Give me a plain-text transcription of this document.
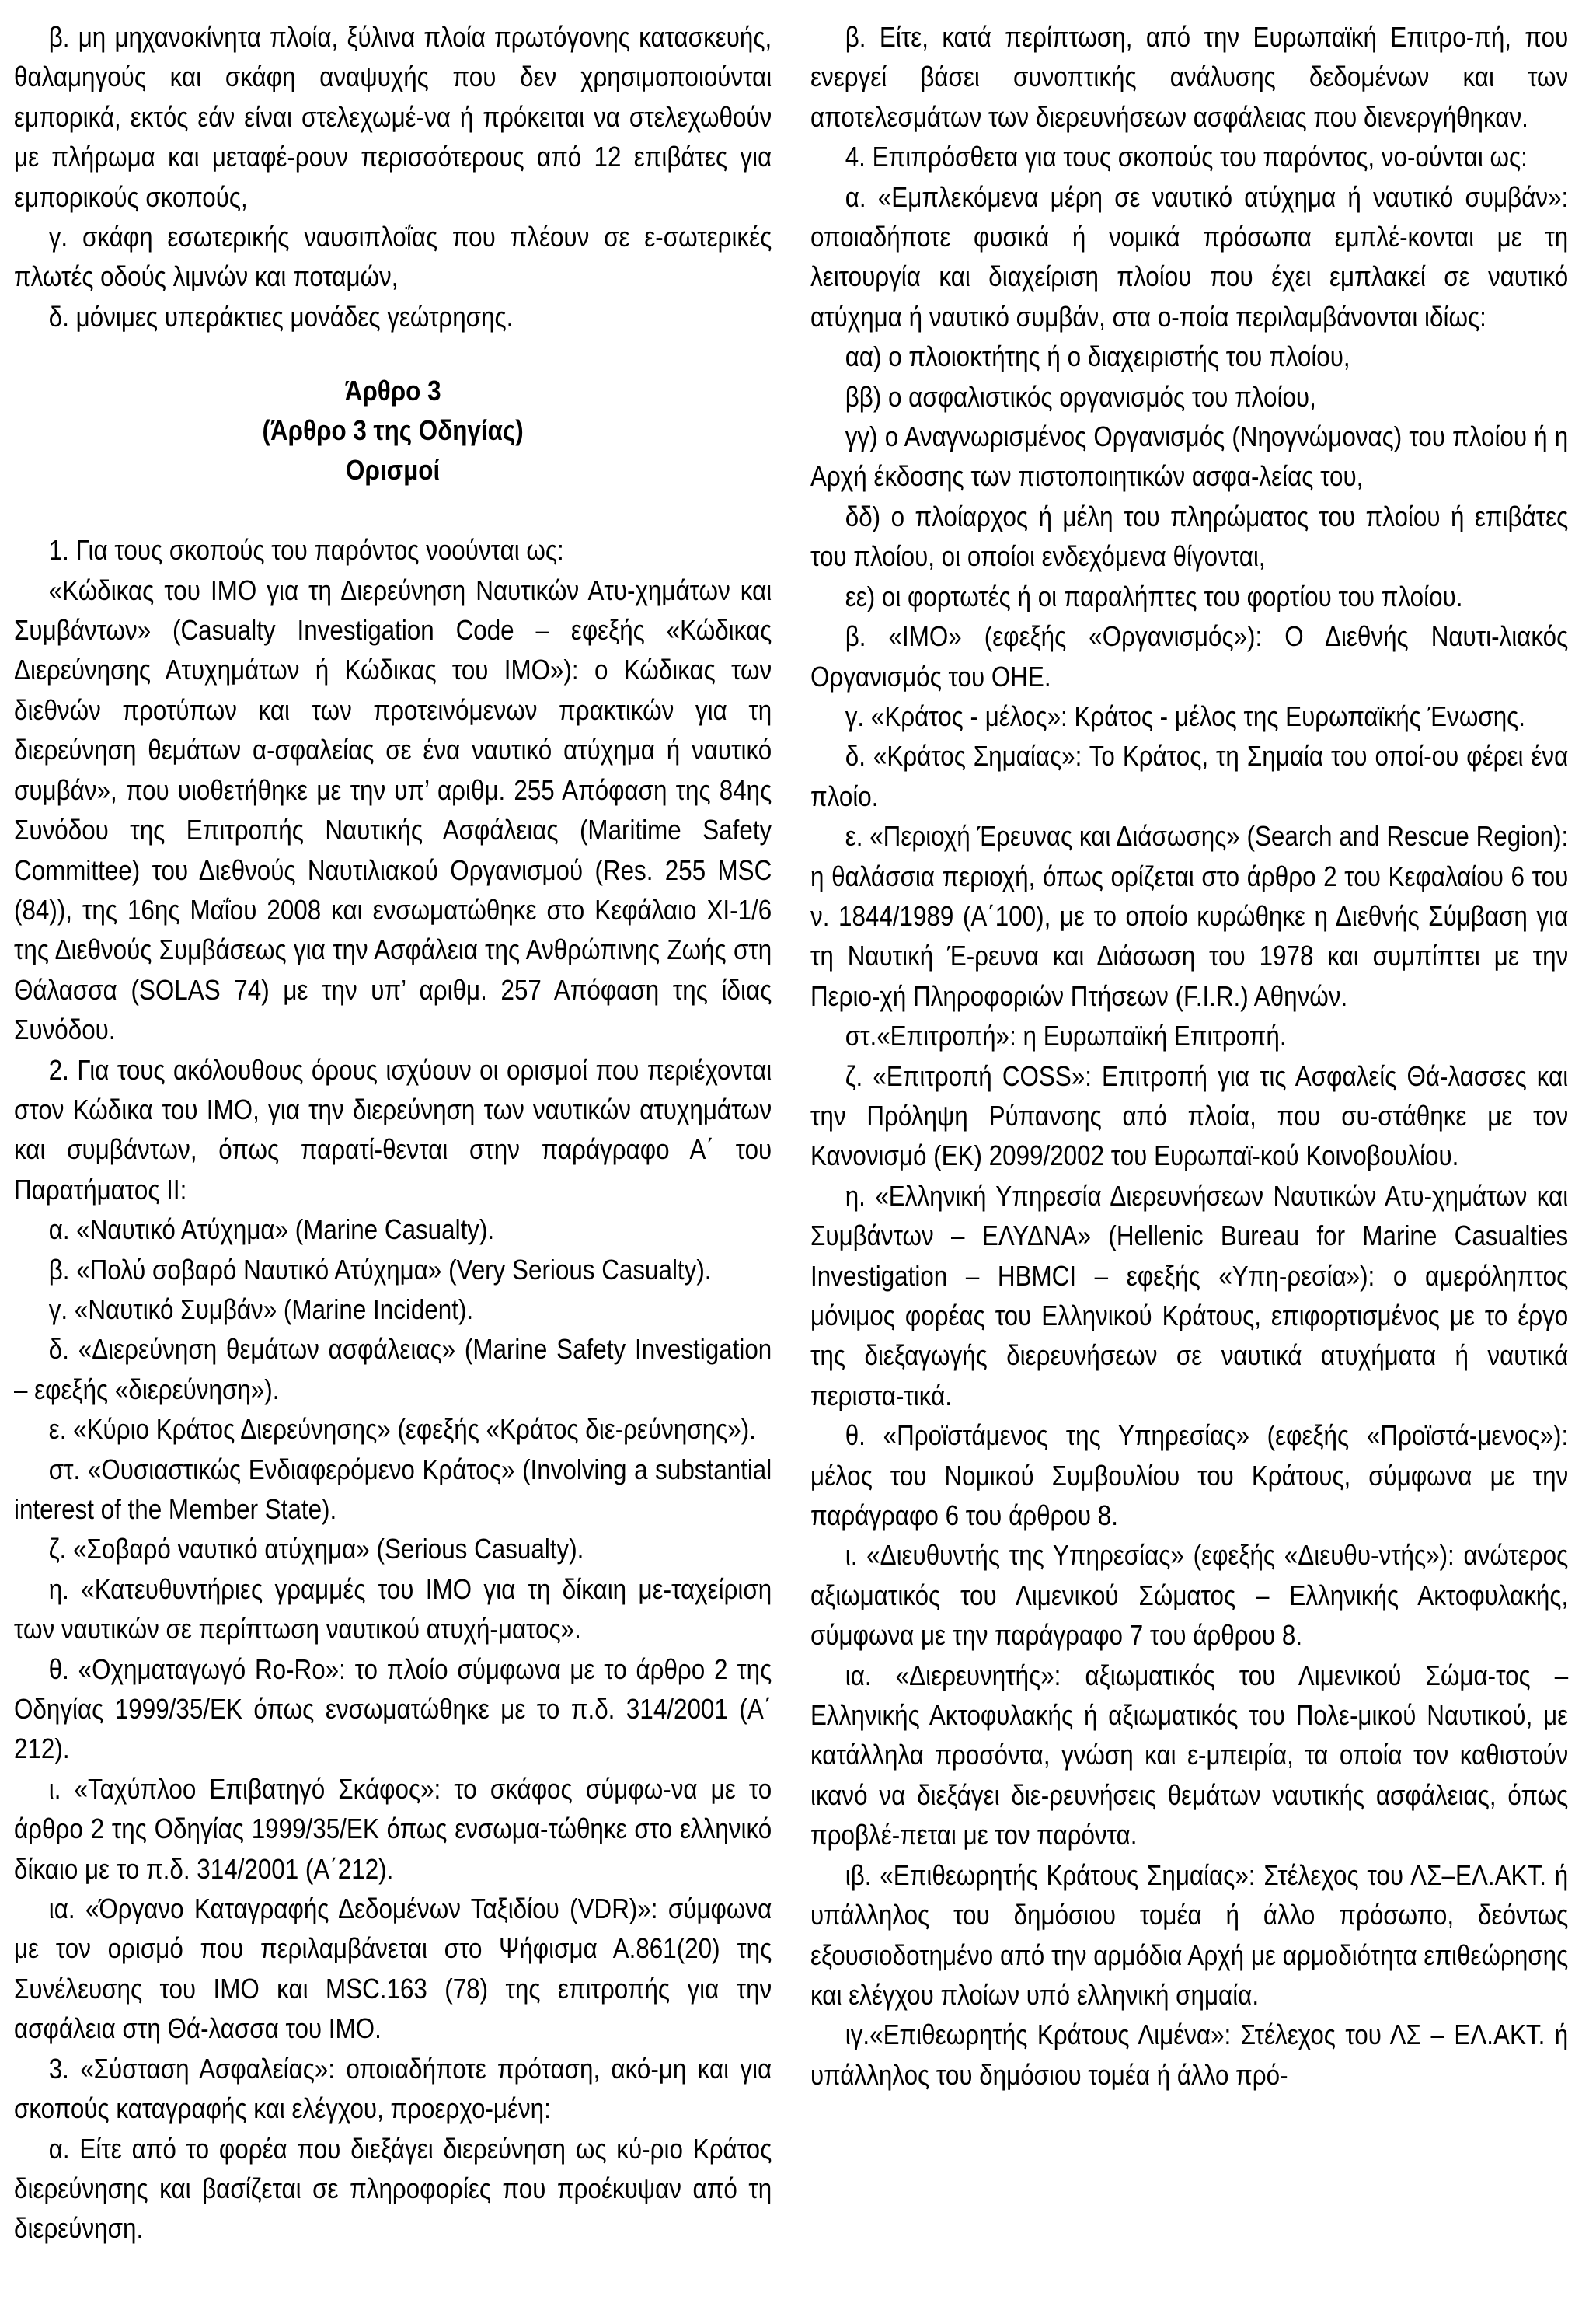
β. μη μηχανοκίνητα πλοία, ξύλινα πλοία πρωτόγονης κατασκευής, θαλαμηγούς και σκάφη αναψυχής που δεν χρησιμοποιούνται εμπορικά, εκτός εάν είναι στελεχωμέ-να ή πρόκειται να στελεχωθούν με πλήρωμα και μεταφέ-ρουν περισσότερους από 12 επιβάτες για εμπορικούς σκοπούς,

γ. σκάφη εσωτερικής ναυσιπλοΐας που πλέουν σε ε-σωτερικές πλωτές οδούς λιμνών και ποταμών,

δ. μόνιμες υπεράκτιες μονάδες γεώτρησης.

Άρθρο 3
(Άρθρο 3 της Οδηγίας)
Ορισμοί

1. Για τους σκοπούς του παρόντος νοούνται ως:

«Κώδικας του ΙΜΟ για τη Διερεύνηση Ναυτικών Ατυ-χημάτων και Συμβάντων» (Casualty Investigation Code – εφεξής «Κώδικας Διερεύνησης Ατυχημάτων ή Κώδικας του ΙΜΟ»): ο Κώδικας των διεθνών προτύπων και των προτεινόμενων πρακτικών για τη διερεύνηση θεμάτων α-σφαλείας σε ένα ναυτικό ατύχημα ή ναυτικό συμβάν», που υιοθετήθηκε με την υπ’ αριθμ. 255 Απόφαση της 84ης Συνόδου της Επιτροπής Ναυτικής Ασφάλειας (Maritime Safety Committee) του Διεθνούς Ναυτιλιακού Οργανισμού (Res. 255 MSC (84)), της 16ης Μαΐου 2008 και ενσωματώθηκε στο Κεφάλαιο ΧΙ-1/6 της Διεθνούς Συμβάσεως για την Ασφάλεια της Ανθρώπινης Ζωής στη Θάλασσα (SOLAS 74) με την υπ’ αριθμ. 257 Απόφαση της ίδιας Συνόδου.

2. Για τους ακόλουθους όρους ισχύουν οι ορισμοί που περιέχονται στον Κώδικα του ΙΜΟ, για την διερεύνηση των ναυτικών ατυχημάτων και συμβάντων, όπως παρατί-θενται στην παράγραφο Α΄ του Παρατήματος ΙΙ:

α. «Ναυτικό Ατύχημα» (Marine Casualty).

β. «Πολύ σοβαρό Ναυτικό Ατύχημα» (Very Serious Casualty).

γ. «Ναυτικό Συμβάν» (Marine Incident).

δ. «Διερεύνηση θεμάτων ασφάλειας» (Marine Safety Investigation – εφεξής «διερεύνηση»).

ε. «Κύριο Κράτος Διερεύνησης» (εφεξής «Κράτος διε-ρεύνησης»).

στ. «Ουσιαστικώς Ενδιαφερόμενο Κράτος» (Involving a substantial interest of the Member State).

ζ. «Σοβαρό ναυτικό ατύχημα» (Serious Casualty).

η. «Κατευθυντήριες γραμμές του ΙΜΟ για τη δίκαιη με-ταχείριση των ναυτικών σε περίπτωση ναυτικού ατυχή-ματος».

θ. «Οχηματαγωγό Ro-Ro»: το πλοίο σύμφωνα με το άρθρο 2 της Οδηγίας 1999/35/ΕΚ όπως ενσωματώθηκε με το π.δ. 314/2001 (Α΄ 212).

ι. «Ταχύπλοο Επιβατηγό Σκάφος»: το σκάφος σύμφω-να με το άρθρο 2 της Οδηγίας 1999/35/ΕΚ όπως ενσωμα-τώθηκε στο ελληνικό δίκαιο με το π.δ. 314/2001 (Α΄212).

ια. «Όργανο Καταγραφής Δεδομένων Ταξιδίου (VDR)»: σύμφωνα με τον ορισμό που περιλαμβάνεται στο Ψήφισμα Α.861(20) της Συνέλευσης του ΙΜΟ και MSC.163 (78) της επιτροπής για την ασφάλεια στη Θά-λασσα του ΙΜΟ.

3. «Σύσταση Ασφαλείας»: οποιαδήποτε πρόταση, ακό-μη και για σκοπούς καταγραφής και ελέγχου, προερχο-μένη:

α. Είτε από το φορέα που διεξάγει διερεύνηση ως κύ-ριο Κράτος διερεύνησης και βασίζεται σε πληροφορίες που προέκυψαν από τη διερεύνηση.

β. Είτε, κατά περίπτωση, από την Ευρωπαϊκή Επιτρο-πή, που ενεργεί βάσει συνοπτικής ανάλυσης δεδομένων και των αποτελεσμάτων των διερευνήσεων ασφάλειας που διενεργήθηκαν.

4. Επιπρόσθετα για τους σκοπούς του παρόντος, νο-ούνται ως:

α. «Εμπλεκόμενα μέρη σε ναυτικό ατύχημα ή ναυτικό συμβάν»: οποιαδήποτε φυσικά ή νομικά πρόσωπα εμπλέ-κονται με τη λειτουργία και διαχείριση πλοίου που έχει εμπλακεί σε ναυτικό ατύχημα ή ναυτικό συμβάν, στα ο-ποία περιλαμβάνονται ιδίως:

αα) ο πλοιοκτήτης ή ο διαχειριστής του πλοίου,

ββ) ο ασφαλιστικός οργανισμός του πλοίου,

γγ) ο Αναγνωρισμένος Οργανισμός (Νηογνώμονας) του πλοίου ή η Αρχή έκδοσης των πιστοποιητικών ασφα-λείας του,

δδ) ο πλοίαρχος ή μέλη του πληρώματος του πλοίου ή επιβάτες του πλοίου, οι οποίοι ενδεχόμενα θίγονται,

εε) οι φορτωτές ή οι παραλήπτες του φορτίου του πλοίου.

β. «ΙΜΟ» (εφεξής «Οργανισμός»): Ο Διεθνής Ναυτι-λιακός Οργανισμός του ΟΗΕ.

γ. «Κράτος - μέλος»: Κράτος - μέλος της Ευρωπαϊκής Ένωσης.

δ. «Κράτος Σημαίας»: Το Κράτος, τη Σημαία του οποί-ου φέρει ένα πλοίο.

ε. «Περιοχή Έρευνας και Διάσωσης» (Search and Rescue Region): η θαλάσσια περιοχή, όπως ορίζεται στο άρθρο 2 του Κεφαλαίου 6 του ν. 1844/1989 (Α΄100), με το οποίο κυρώθηκε η Διεθνής Σύμβαση για τη Ναυτική Έ-ρευνα και Διάσωση του 1978 και συμπίπτει με την Περιο-χή Πληροφοριών Πτήσεων (F.I.R.) Αθηνών.

στ.«Επιτροπή»: η Ευρωπαϊκή Επιτροπή.

ζ. «Επιτροπή COSS»: Επιτροπή για τις Ασφαλείς Θά-λασσες και την Πρόληψη Ρύπανσης από πλοία, που συ-στάθηκε με τον Κανονισμό (ΕΚ) 2099/2002 του Ευρωπαϊ-κού Κοινοβουλίου.

η. «Ελληνική Υπηρεσία Διερευνήσεων Ναυτικών Ατυ-χημάτων και Συμβάντων – ΕΛΥΔΝΑ» (Hellenic Bureau for Marine Casualties Investigation – HBMCI – εφεξής «Υπη-ρεσία»): ο αμερόληπτος μόνιμος φορέας του Ελληνικού Κράτους, επιφορτισμένος με το έργο της διεξαγωγής διερευνήσεων σε ναυτικά ατυχήματα ή ναυτικά περιστα-τικά.

θ. «Προϊστάμενος της Υπηρεσίας» (εφεξής «Προϊστά-μενος»): μέλος του Νομικού Συμβουλίου του Κράτους, σύμφωνα με την παράγραφο 6 του άρθρου 8.

ι. «Διευθυντής της Υπηρεσίας» (εφεξής «Διευθυ-ντής»): ανώτερος αξιωματικός του Λιμενικού Σώματος – Ελληνικής Ακτοφυλακής, σύμφωνα με την παράγραφο 7 του άρθρου 8.

ια. «Διερευνητής»: αξιωματικός του Λιμενικού Σώμα-τος – Ελληνικής Ακτοφυλακής ή αξιωματικός του Πολε-μικού Ναυτικού, με κατάλληλα προσόντα, γνώση και ε-μπειρία, τα οποία τον καθιστούν ικανό να διεξάγει διε-ρευνήσεις θεμάτων ναυτικής ασφάλειας, όπως προβλέ-πεται με τον παρόντα.

ιβ. «Επιθεωρητής Κράτους Σημαίας»: Στέλεχος του ΛΣ–ΕΛ.ΑΚΤ. ή υπάλληλος του δημόσιου τομέα ή άλλο πρόσωπο, δεόντως εξουσιοδοτημένο από την αρμόδια Αρχή με αρμοδιότητα επιθεώρησης και ελέγχου πλοίων υπό ελληνική σημαία.

ιγ.«Επιθεωρητής Κράτους Λιμένα»: Στέλεχος του ΛΣ – ΕΛ.ΑΚΤ. ή υπάλληλος του δημόσιου τομέα ή άλλο πρό-
